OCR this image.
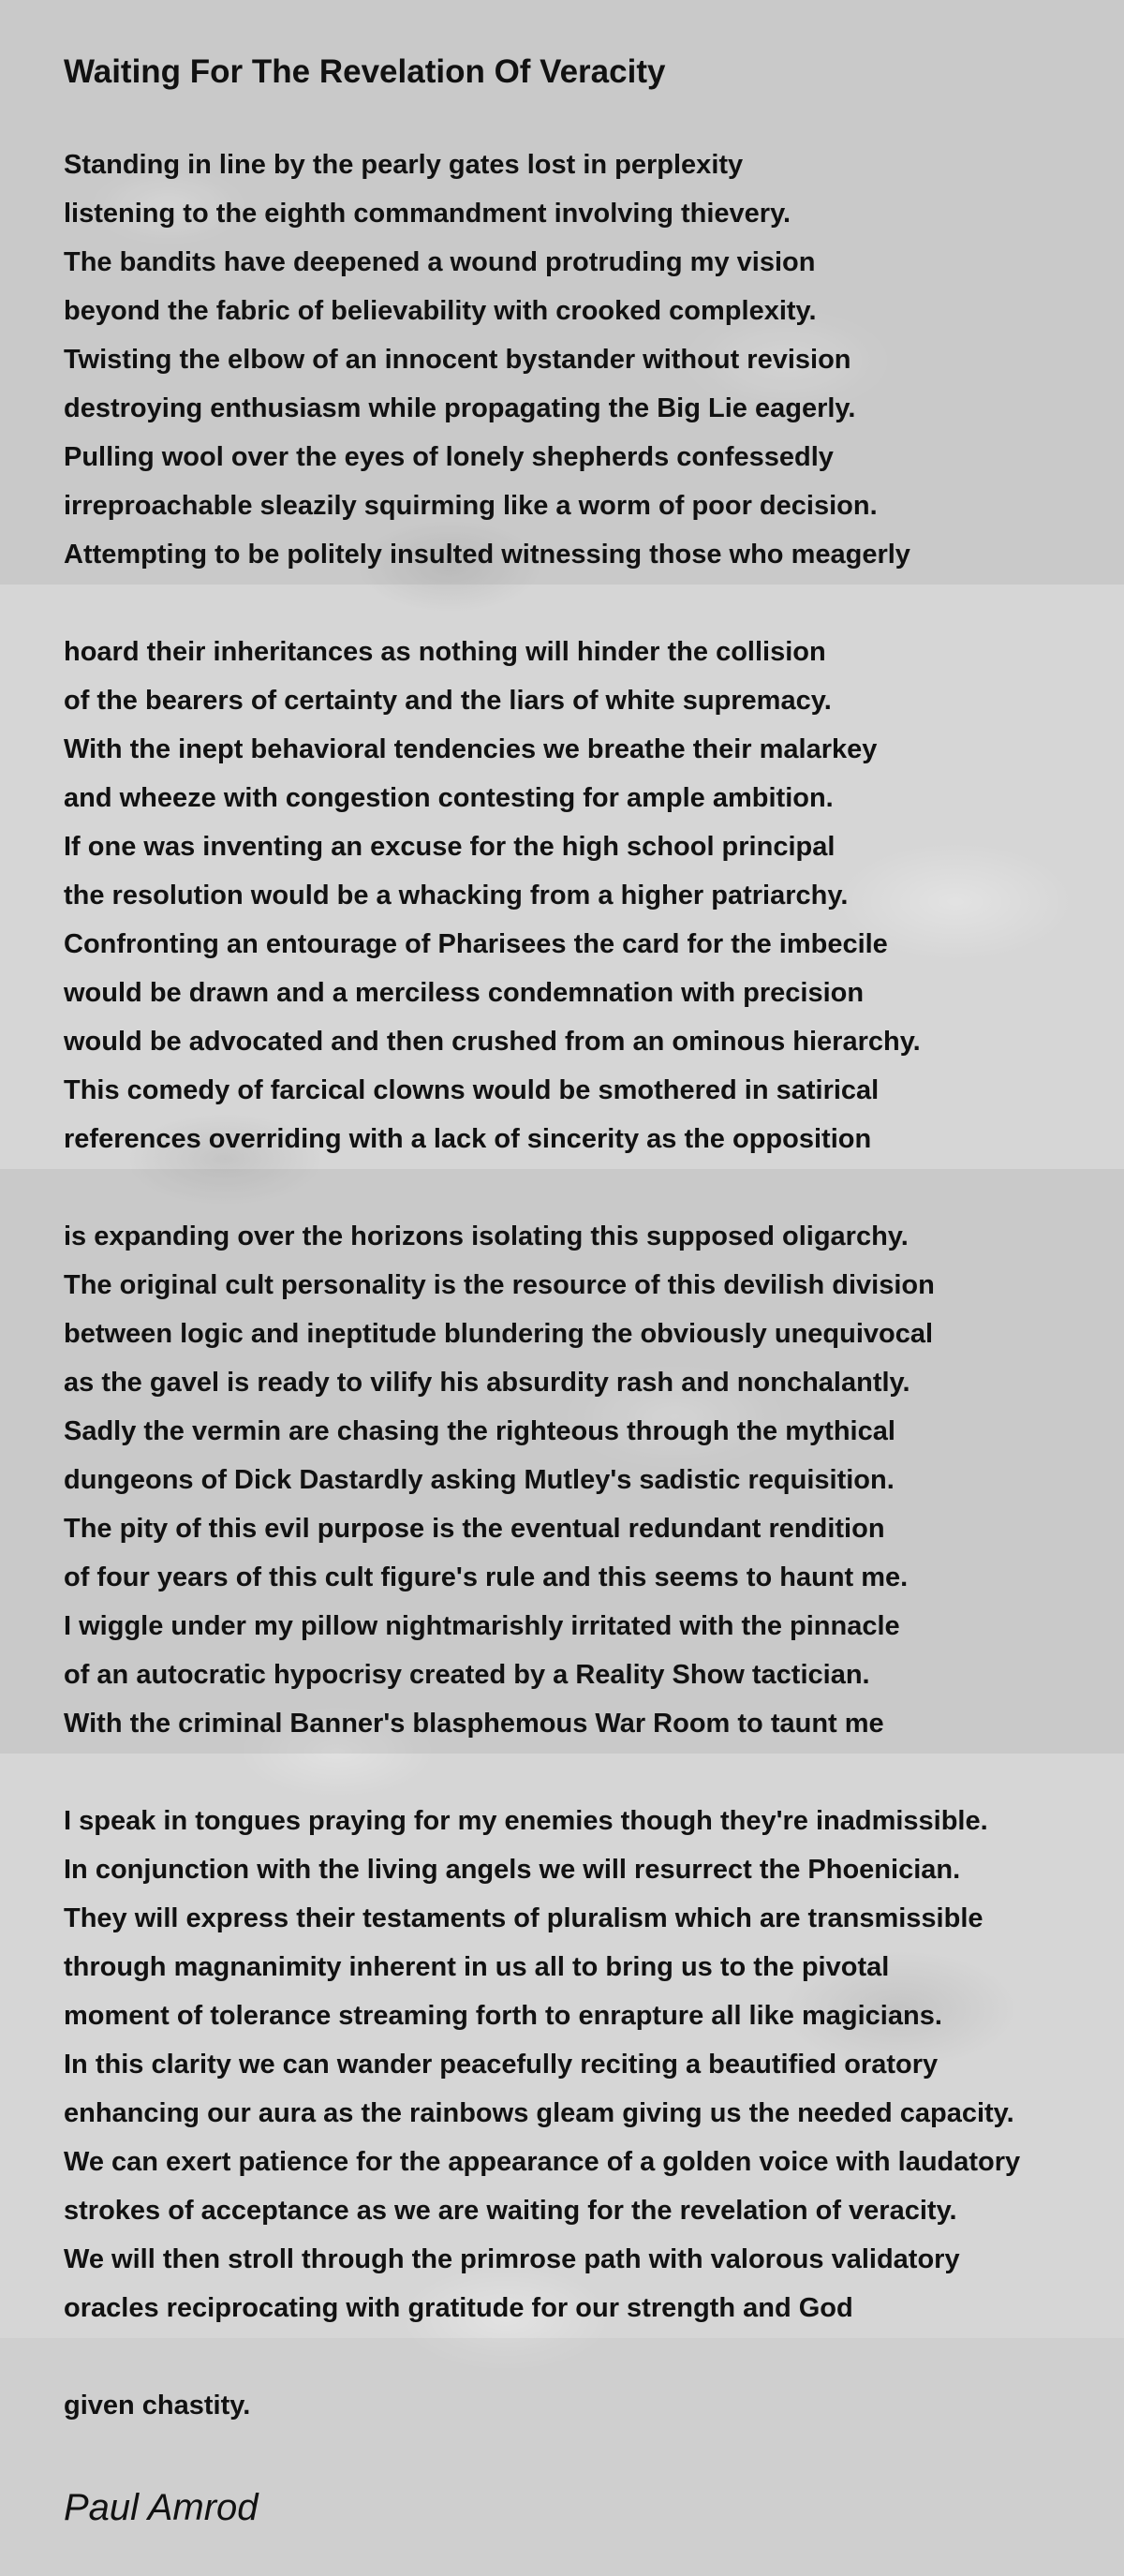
Waiting For The Revelation Of Veracity
Standing in line by the pearly gates lost in perplexity
listening to the eighth commandment involving thievery.
The bandits have deepened a wound protruding my vision
beyond the fabric of believability with crooked complexity.
Twisting the elbow of an innocent bystander without revision
destroying enthusiasm while propagating the Big Lie eagerly.
Pulling wool over the eyes of lonely shepherds confessedly
irreproachable sleazily squirming like a worm of poor decision.
Attempting to be politely insulted witnessing those who meagerly
hoard their inheritances as nothing will hinder the collision
of the bearers of certainty and the liars of white supremacy.
With the inept behavioral tendencies we breathe their malarkey
and wheeze with congestion contesting for ample ambition.
If one was inventing an excuse for the high school principal
the resolution would be a whacking from a higher patriarchy.
Confronting an entourage of Pharisees the card for the imbecile
would be drawn and a merciless condemnation with precision
would be advocated and then crushed from an ominous hierarchy.
This comedy of farcical clowns would be smothered in satirical
references overriding with a lack of sincerity as the opposition
is expanding over the horizons isolating this supposed oligarchy.
The original cult personality is the resource of this devilish division
between logic and ineptitude blundering the obviously unequivocal
as the gavel is ready to vilify his absurdity rash and nonchalantly.
Sadly the vermin are chasing the righteous through the mythical
dungeons of Dick Dastardly asking Mutley's sadistic requisition.
The pity of this evil purpose is the eventual redundant rendition
of four years of this cult figure's rule and this seems to haunt me.
I wiggle under my pillow nightmarishly irritated with the pinnacle
of an autocratic hypocrisy created by a Reality Show tactician.
With the criminal Banner's blasphemous War Room to taunt me
I speak in tongues praying for my enemies though they're inadmissible.
In conjunction with the living angels we will resurrect the Phoenician.
They will express their testaments of pluralism which are transmissible
through magnanimity inherent in us all to bring us to the pivotal
moment of tolerance streaming forth to enrapture all like magicians.
In this clarity we can wander peacefully reciting a beautified oratory
enhancing our aura as the rainbows gleam giving us the needed capacity.
We can exert patience for the appearance of a golden voice with laudatory
strokes of acceptance as we are waiting for the revelation of veracity.
We will then stroll through the primrose path with valorous validatory
oracles reciprocating with gratitude for our strength and God
given chastity.
Paul Amrod
